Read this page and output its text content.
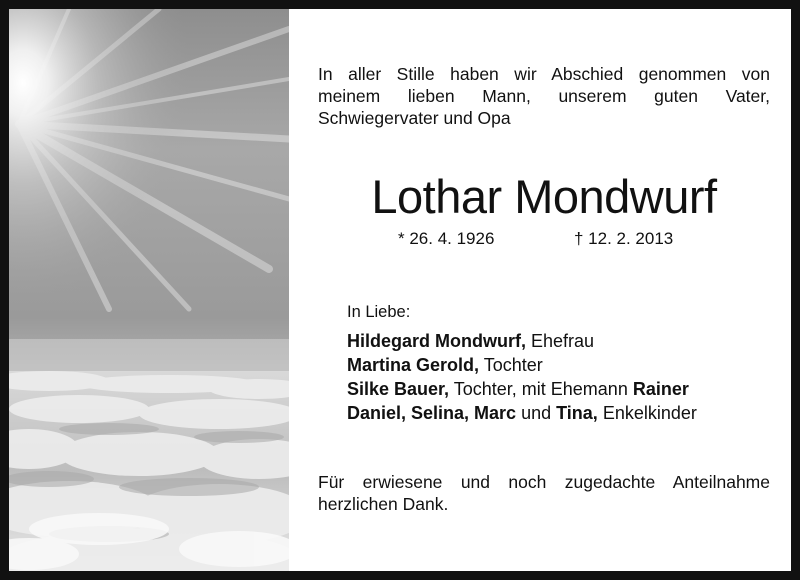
In aller Stille haben wir Abschied genommen von
meinem lieben Mann, unserem guten Vater,
Schwiegervater und Opa
Lothar Mondwurf
* 26. 4. 1926	† 12. 2. 2013
In Liebe:
Hildegard Mondwurf, Ehefrau
Martina Gerold, Tochter
Silke Bauer, Tochter, mit Ehemann Rainer
Daniel, Selina, Marc und Tina, Enkelkinder
Für erwiesene und noch zugedachte Anteilnahme
herzlichen Dank.
